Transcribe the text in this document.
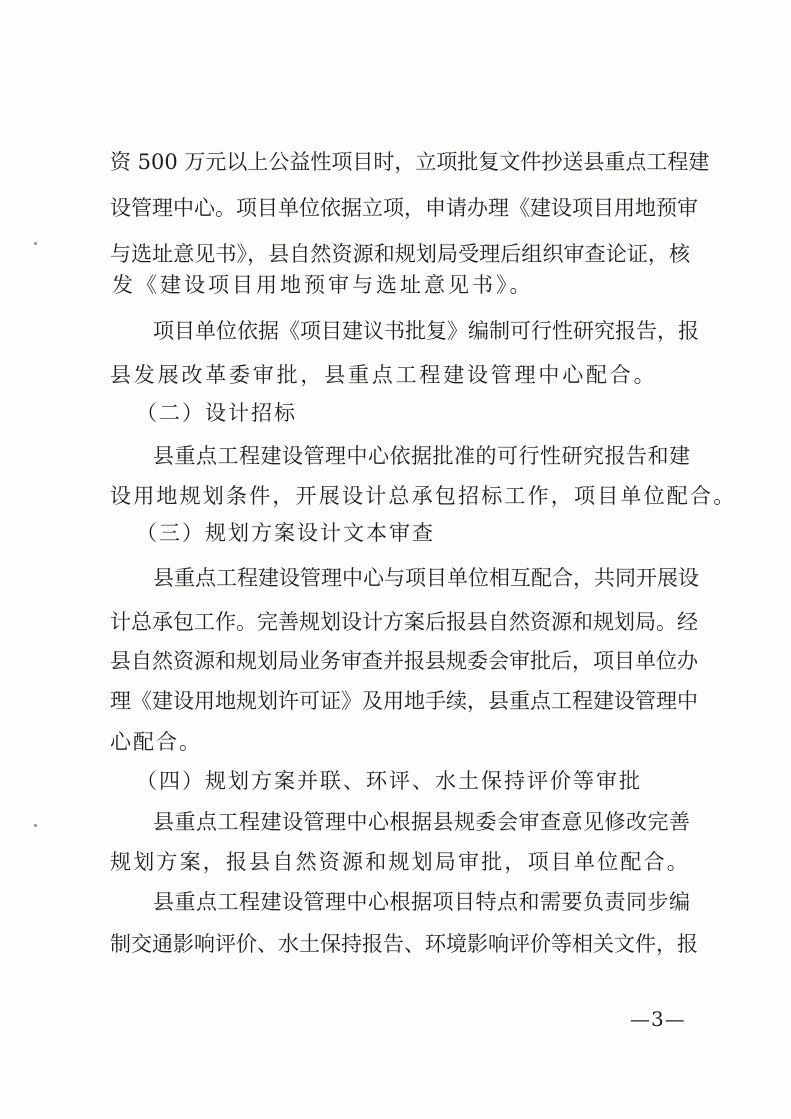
资 500 万元以上公益性项目时，立项批复文件抄送县重点工程建
设管理中心。项目单位依据立项，申请办理《建设项目用地预审
与选址意见书》，县自然资源和规划局受理后组织审查论证，核
发《建设项目用地预审与选址意见书》。
项目单位依据《项目建议书批复》编制可行性研究报告，报
县发展改革委审批，县重点工程建设管理中心配合。
（二）设计招标
县重点工程建设管理中心依据批准的可行性研究报告和建
设用地规划条件，开展设计总承包招标工作，项目单位配合。
（三）规划方案设计文本审查
县重点工程建设管理中心与项目单位相互配合，共同开展设
计总承包工作。完善规划设计方案后报县自然资源和规划局。经
县自然资源和规划局业务审查并报县规委会审批后，项目单位办
理《建设用地规划许可证》及用地手续，县重点工程建设管理中
心配合。
（四）规划方案并联、环评、水土保持评价等审批
县重点工程建设管理中心根据县规委会审查意见修改完善
规划方案，报县自然资源和规划局审批，项目单位配合。
县重点工程建设管理中心根据项目特点和需要负责同步编
制交通影响评价、水土保持报告、环境影响评价等相关文件，报
—3—
